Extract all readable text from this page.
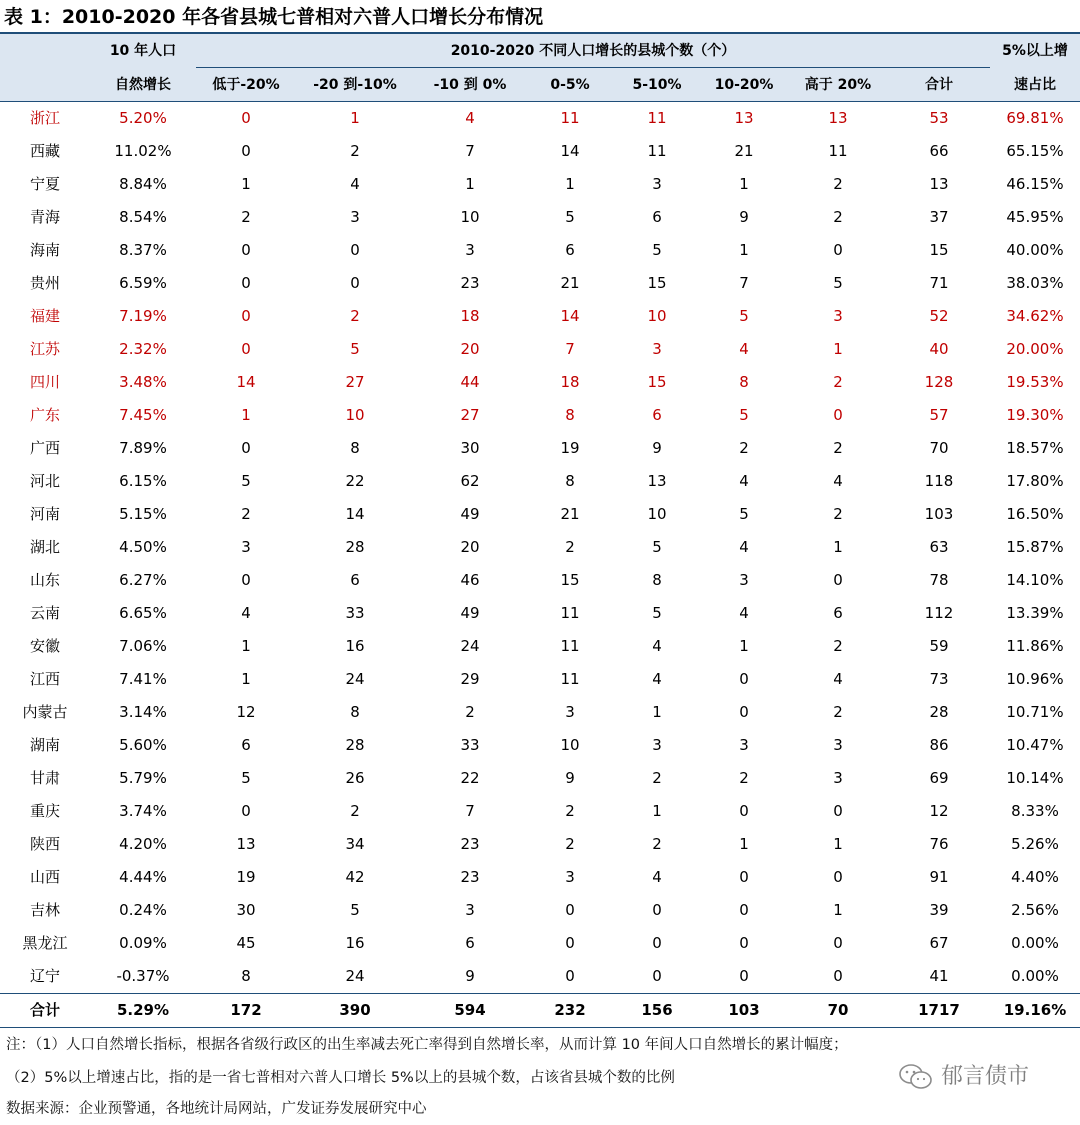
表 1：2010-2020 年各省县城七普相对六普人口增长分布情况
10 年人口
自然增长
2010-2020 不同人口增长的县城个数（个）	5%以上增
速占比
低于-20%	-20 到-10%	-10 到 0%	0-5%	5-10%	10-20%	高于 20%	合计
浙江	5.20%	0	1	4	11	11	13	13	53	69.81%
西藏	11.02%	0	2	7	14	11	21	11	66	65.15%
宁夏	8.84%	1	4	1	1	3	1	2	13	46.15%
青海	8.54%	2	3	10	5	6	9	2	37	45.95%
海南	8.37%	0	0	3	6	5	1	0	15	40.00%
贵州	6.59%	0	0	23	21	15	7	5	71	38.03%
福建	7.19%	0	2	18	14	10	5	3	52	34.62%
江苏	2.32%	0	5	20	7	3	4	1	40	20.00%
四川	3.48%	14	27	44	18	15	8	2	128	19.53%
广东	7.45%	1	10	27	8	6	5	0	57	19.30%
广西	7.89%	0	8	30	19	9	2	2	70	18.57%
河北	6.15%	5	22	62	8	13	4	4	118	17.80%
河南	5.15%	2	14	49	21	10	5	2	103	16.50%
湖北	4.50%	3	28	20	2	5	4	1	63	15.87%
山东	6.27%	0	6	46	15	8	3	0	78	14.10%
云南	6.65%	4	33	49	11	5	4	6	112	13.39%
安徽	7.06%	1	16	24	11	4	1	2	59	11.86%
江西	7.41%	1	24	29	11	4	0	4	73	10.96%
内蒙古	3.14%	12	8	2	3	1	0	2	28	10.71%
湖南	5.60%	6	28	33	10	3	3	3	86	10.47%
甘肃	5.79%	5	26	22	9	2	2	3	69	10.14%
重庆	3.74%	0	2	7	2	1	0	0	12	8.33%
陕西	4.20%	13	34	23	2	2	1	1	76	5.26%
山西	4.44%	19	42	23	3	4	0	0	91	4.40%
吉林	0.24%	30	5	3	0	0	0	1	39	2.56%
黑龙江	0.09%	45	16	6	0	0	0	0	67	0.00%
辽宁	-0.37%	8	24	9	0	0	0	0	41	0.00%
合计	5.29%	172	390	594	232	156	103	70	1717	19.16%
注：（1）人口自然增长指标，根据各省级行政区的出生率减去死亡率得到自然增长率，从而计算 10 年间人口自然增长的累计幅度；
（2）5%以上增速占比，指的是一省七普相对六普人口增长 5%以上的县城个数，占该省县城个数的比例
数据来源：企业预警通，各地统计局网站，广发证券发展研究中心
郁言债市
